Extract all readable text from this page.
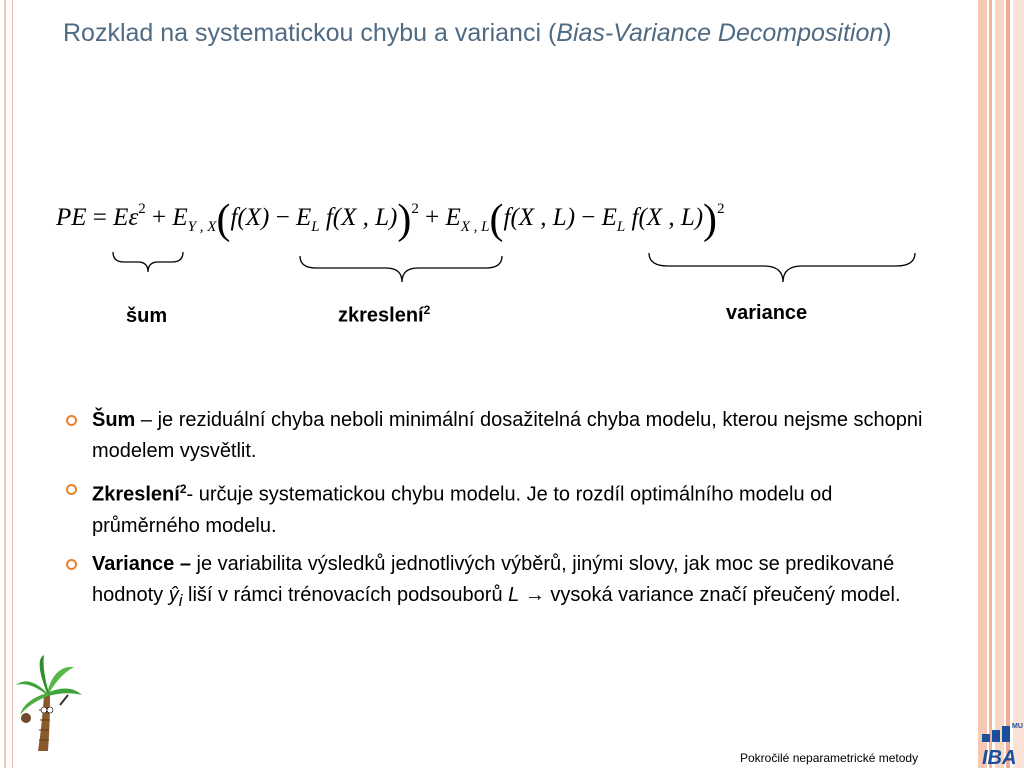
Rozklad na systematickou chybu a varianci (Bias-Variance Decomposition)
PE = $E\varepsilon^2 + E_{Y , X}(f(X) - E_L$ f(X , $L))^2 + E_{X , L}(f(X$ , $L) - E_L$ f(X , L))$^2$
šum	zkreslení$^2$	variance
Šum – je reziduální chyba neboli minimální dosažitelná chyba modelu, kterou nejsme schopni modelem vysvětlit.
Zkreslení$^2$- určuje systematickou chybu modelu. Je to rozdíl optimálního modelu od průměrného modelu.
Variance – je variabilita výsledků jednotlivých výběrů, jinými slovy, jak moc se predikované hodnoty $ŷ_i$ liší v rámci trénovacích podsouborů L → vysoká variance značí přeučený model.
Pokročilé neparametrické metody
MU
IBA
